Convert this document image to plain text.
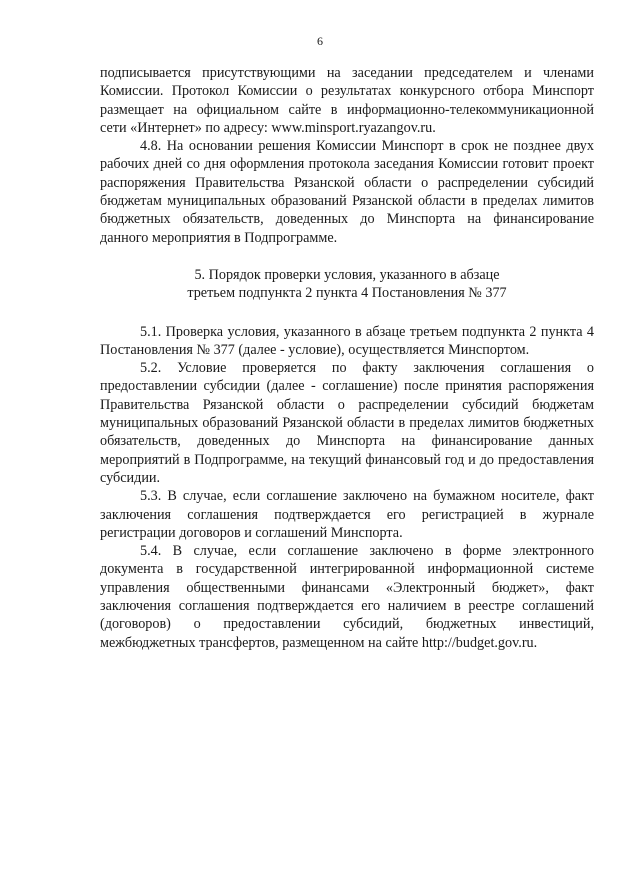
6

подписывается присутствующими на заседании председателем и членами Комиссии. Протокол Комиссии о результатах конкурсного отбора Минспорт размещает на официальном сайте в информационно-телекоммуникационной сети «Интернет» по адресу: www.minsport.ryazangov.ru.

4.8. На основании решения Комиссии Минспорт в срок не позднее двух рабочих дней со дня оформления протокола заседания Комиссии готовит проект распоряжения Правительства Рязанской области о распределении субсидий бюджетам муниципальных образований Рязанской области в пределах лимитов бюджетных обязательств, доведенных до Минспорта на финансирование данного мероприятия в Подпрограмме.

5. Порядок проверки условия, указанного в абзаце
третьем подпункта 2 пункта 4 Постановления № 377

5.1. Проверка условия, указанного в абзаце третьем подпункта 2 пункта 4 Постановления № 377 (далее - условие), осуществляется Минспортом.

5.2. Условие проверяется по факту заключения соглашения о предоставлении субсидии (далее - соглашение) после принятия распоряжения Правительства Рязанской области о распределении субсидий бюджетам муниципальных образований Рязанской области в пределах лимитов бюджетных обязательств, доведенных до Минспорта на финансирование данных мероприятий в Подпрограмме, на текущий финансовый год и до предоставления субсидии.

5.3. В случае, если соглашение заключено на бумажном носителе, факт заключения соглашения подтверждается его регистрацией в журнале регистрации договоров и соглашений Минспорта.

5.4. В случае, если соглашение заключено в форме электронного документа в государственной интегрированной информационной системе управления общественными финансами «Электронный бюджет», факт заключения соглашения подтверждается его наличием в реестре соглашений (договоров) о предоставлении субсидий, бюджетных инвестиций, межбюджетных трансфертов, размещенном на сайте http://budget.gov.ru.
